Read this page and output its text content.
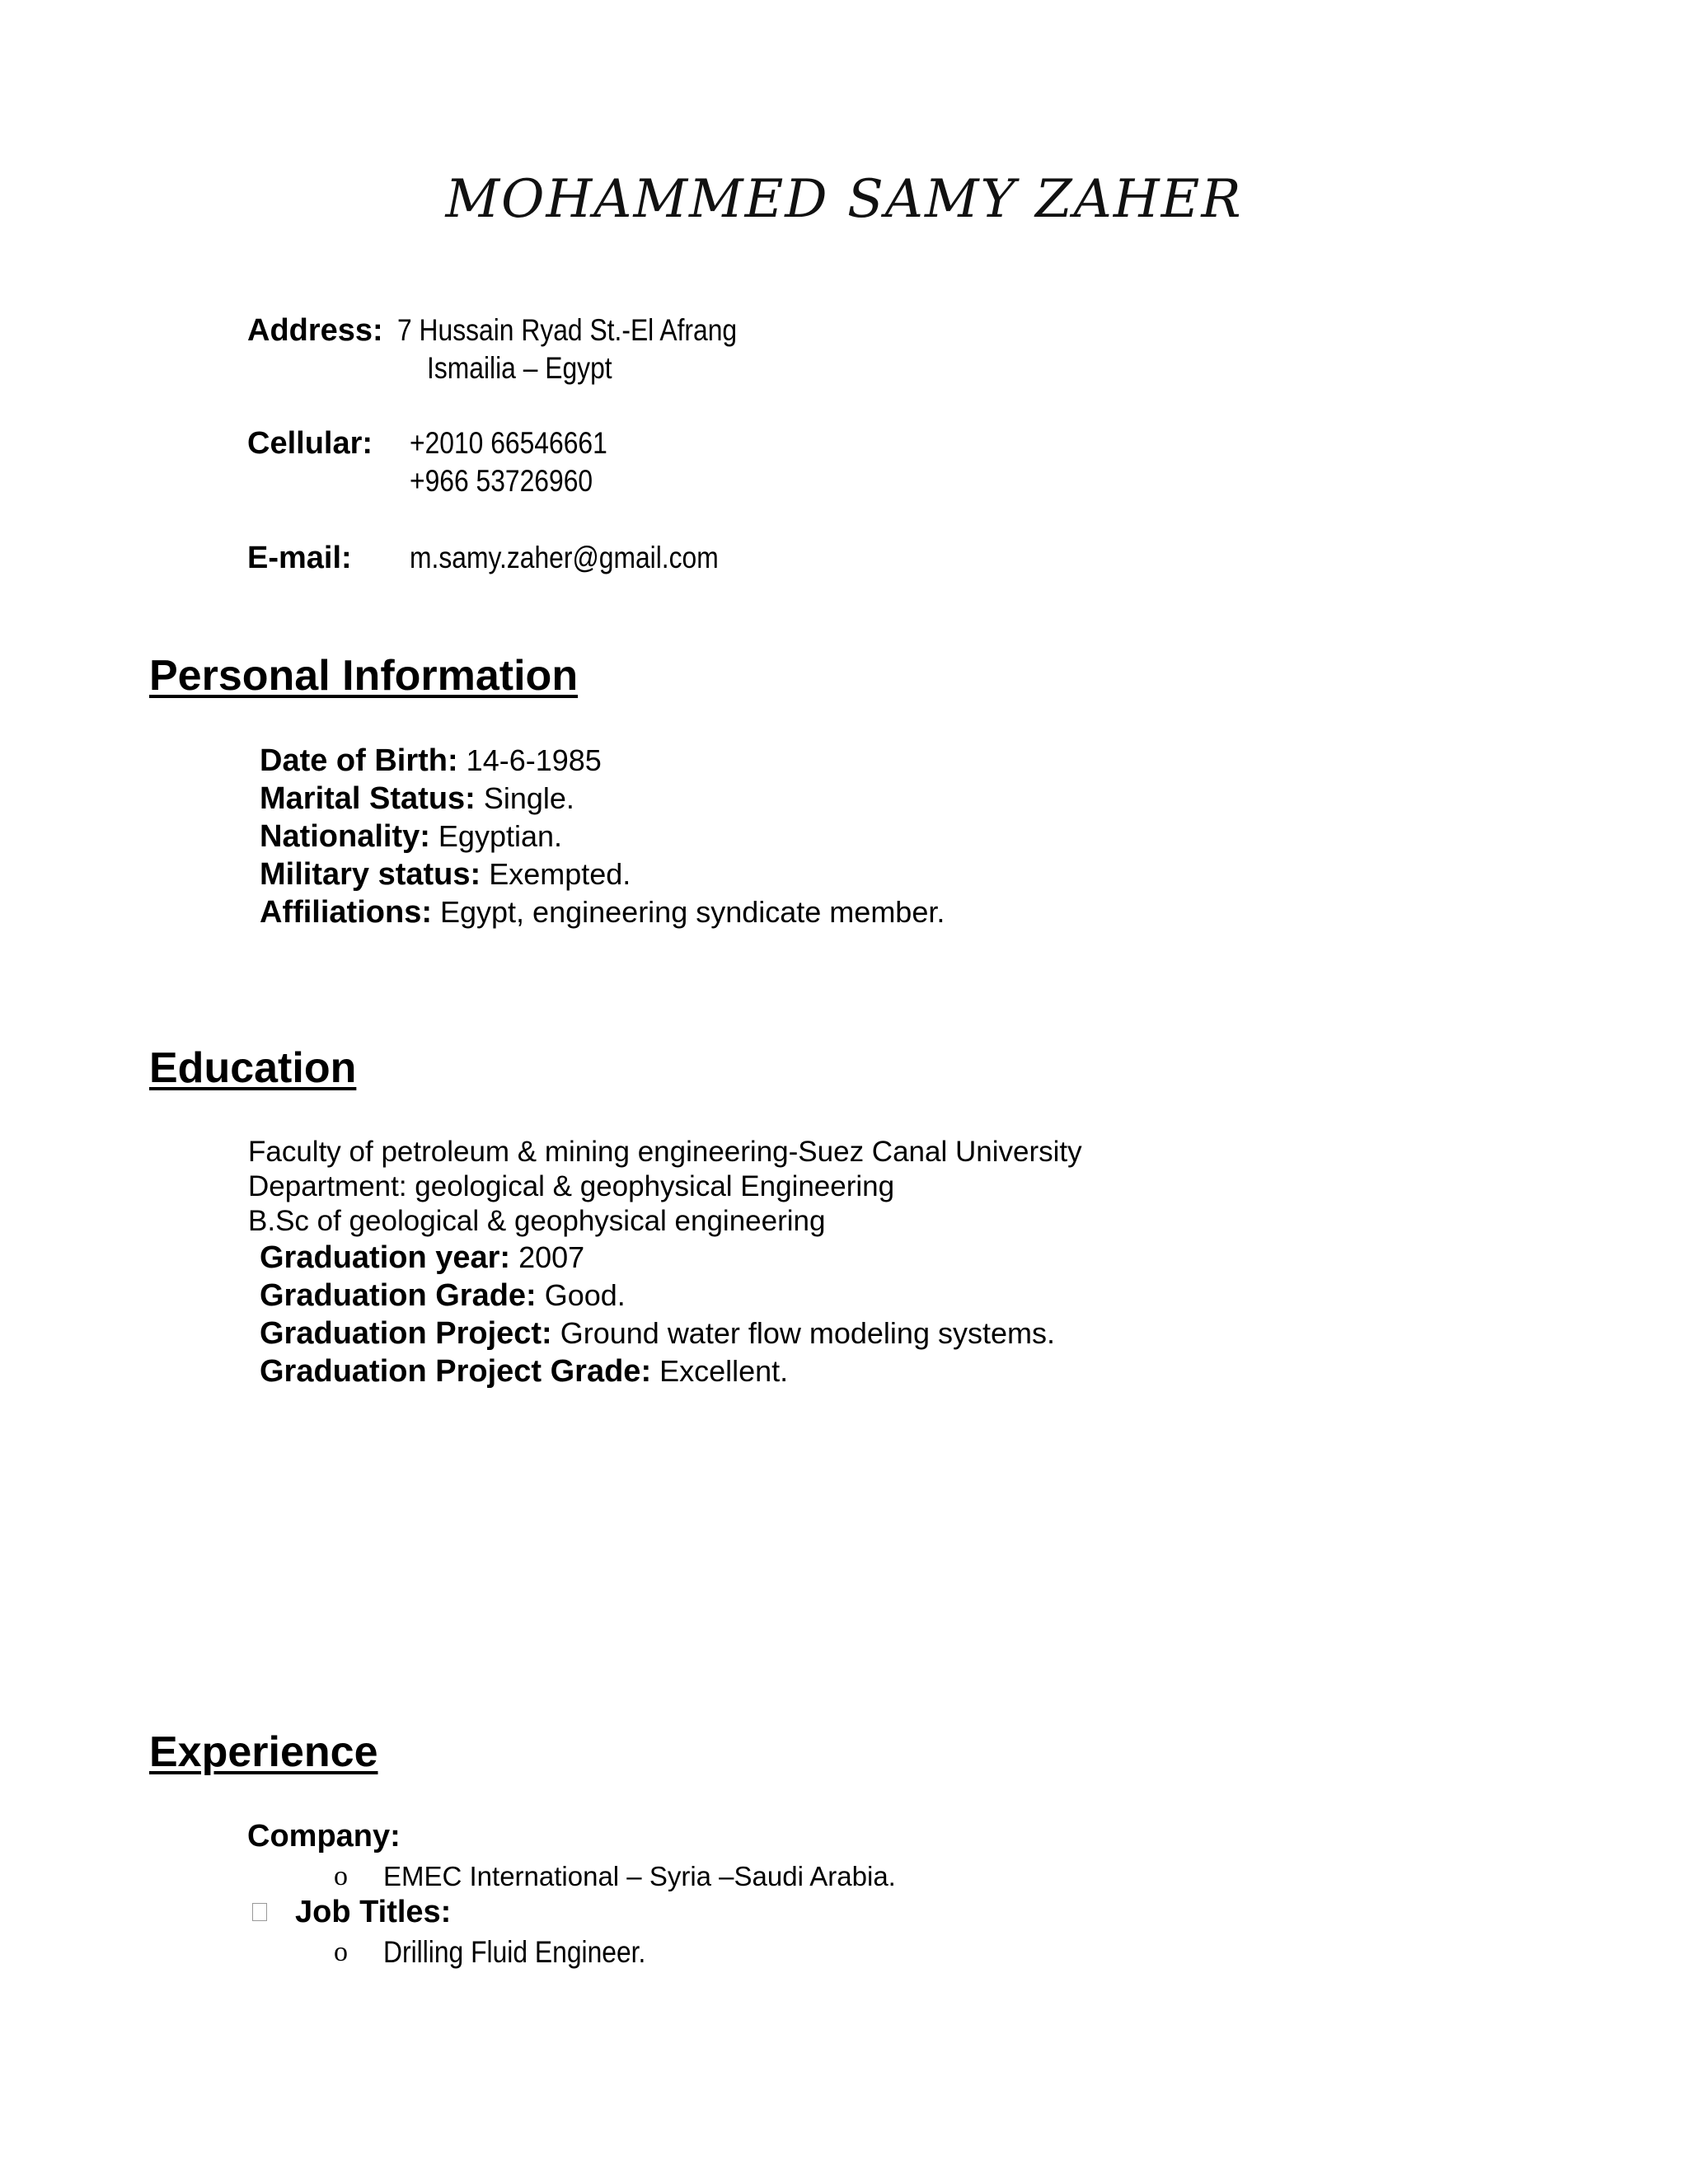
MOHAMMED SAMY ZAHER
Address: 7 Hussain Ryad St.-El Afrang
Ismailia – Egypt
Cellular: +2010 66546661
+966 53726960
E-mail: m.samy.zaher@gmail.com
Personal Information
Date of Birth: 14-6-1985
Marital Status: Single.
Nationality: Egyptian.
Military status: Exempted.
Affiliations: Egypt, engineering syndicate member.
Education
Faculty of petroleum & mining engineering-Suez Canal University
Department: geological & geophysical Engineering
B.Sc of geological & geophysical engineering
Graduation year: 2007
Graduation Grade: Good.
Graduation Project: Ground water flow modeling systems.
Graduation Project Grade: Excellent.
Experience
Company:
o EMEC International – Syria –Saudi Arabia.
Job Titles:
o Drilling Fluid Engineer.
